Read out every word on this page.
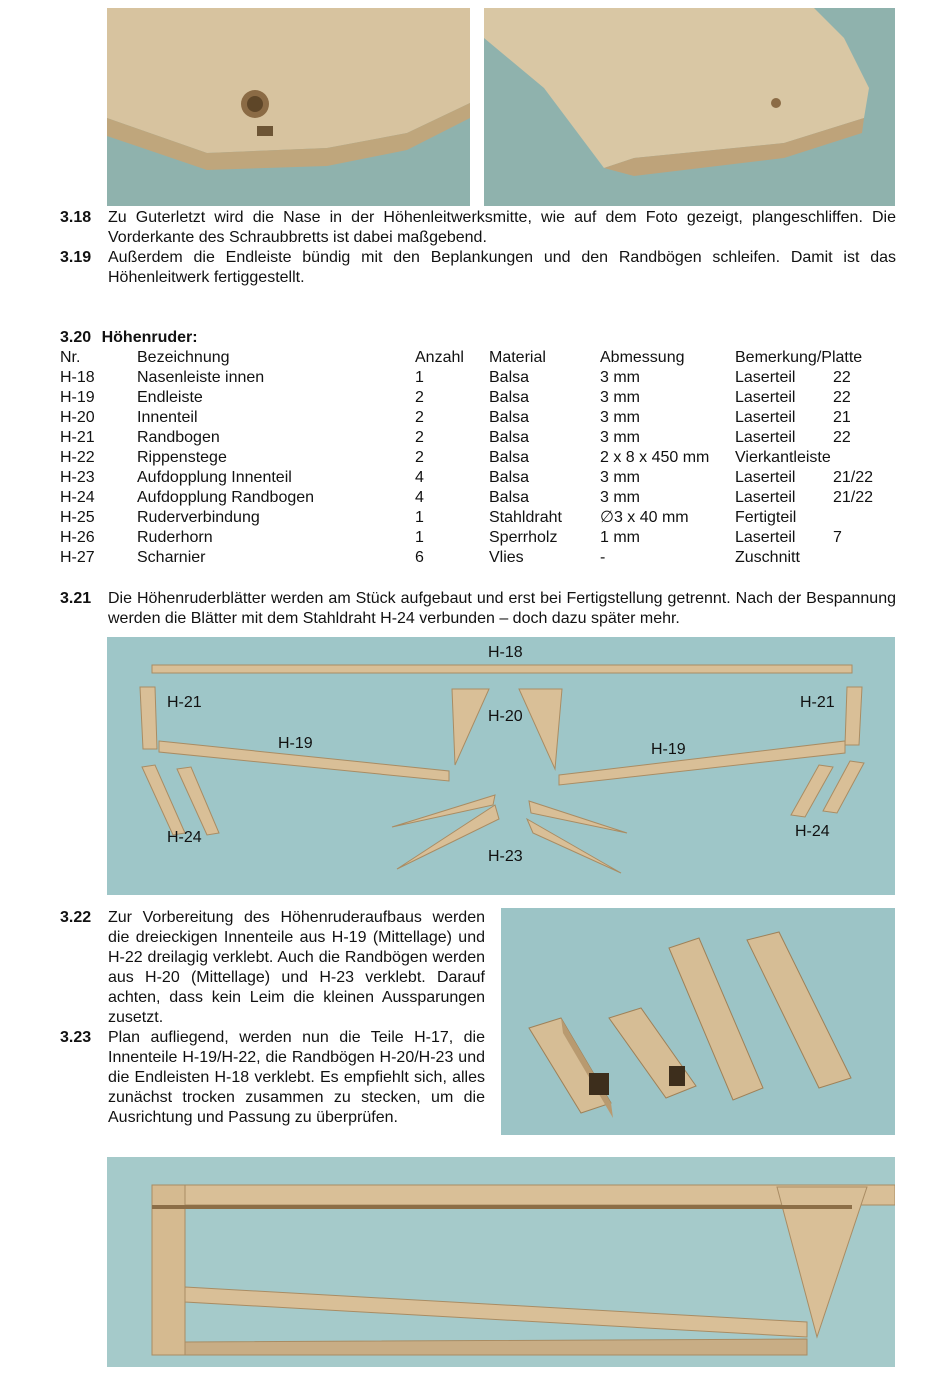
3.18 Zu Guterletzt wird die Nase in der Höhenleitwerksmitte, wie auf dem Foto gezeigt, plangeschliffen. Die Vorderkante des Schraubbretts ist dabei maßgebend.
3.19 Außerdem die Endleiste bündig mit den Beplankungen und den Randbögen schleifen. Damit ist das Höhenleitwerk fertiggestellt.
3.20 Höhenruder:
Nr.	Bezeichnung	Anzahl	Material	Abmessung	Bemerkung/Platte	
H-18	Nasenleiste innen	1	Balsa	3 mm	Laserteil	22
H-19	Endleiste	2	Balsa	3 mm	Laserteil	22
H-20	Innenteil	2	Balsa	3 mm	Laserteil	21
H-21	Randbogen	2	Balsa	3 mm	Laserteil	22
H-22	Rippenstege	2	Balsa	2 x 8 x 450 mm	Vierkantleiste	
H-23	Aufdopplung Innenteil	4	Balsa	3 mm	Laserteil	21/22
H-24	Aufdopplung Randbogen	4	Balsa	3 mm	Laserteil	21/22
H-25	Ruderverbindung	1	Stahldraht	∅3 x 40 mm	Fertigteil	
H-26	Ruderhorn	1	Sperrholz	1 mm	Laserteil	7
H-27	Scharnier	6	Vlies	-	Zuschnitt	
3.21 Die Höhenruderblätter werden am Stück aufgebaut und erst bei Fertigstellung getrennt. Nach der Bespannung werden die Blätter mit dem Stahldraht H-24 verbunden – doch dazu später mehr.
H-18
H-21	H-21
H-20
H-19	H-19
H-24	H-24
H-23
3.22 Zur Vorbereitung des Höhenruderaufbaus werden die dreieckigen Innenteile aus H-19 (Mittellage) und H-22 dreilagig verklebt. Auch die Randbögen werden aus H-20 (Mittellage) und H-23 verklebt. Darauf achten, dass kein Leim die kleinen Aussparungen zusetzt.
3.23 Plan aufliegend, werden nun die Teile H-17, die Innenteile H-19/H-22, die Randbögen H-20/H-23 und die Endleisten H-18 verklebt. Es empfiehlt sich, alles zunächst trocken zusammen zu stecken, um die Ausrichtung und Passung zu überprüfen.
